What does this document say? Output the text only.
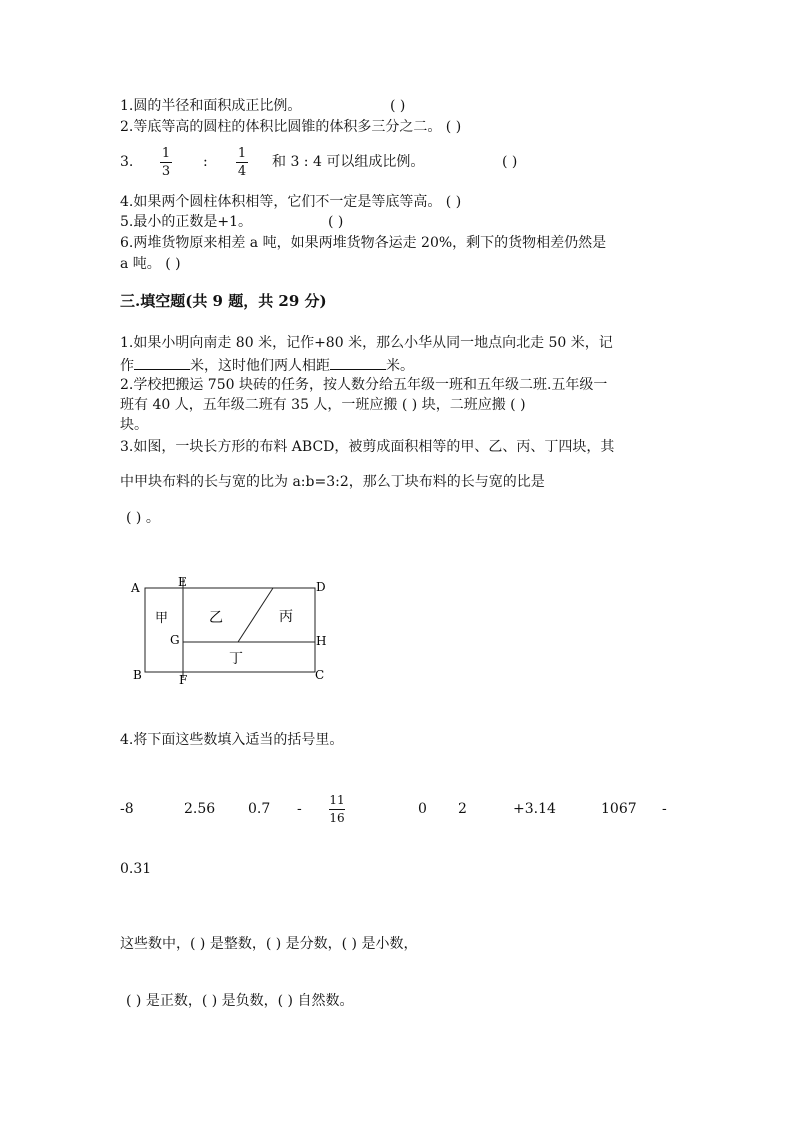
1.圆的半径和面积成正比例。	( )
2.等底等高的圆柱的体积比圆锥的体积多三分之二。 ( )
3.
1
3
:
1
4
和 3 : 4 可以组成比例。	( )
4.如果两个圆柱体积相等，它们不一定是等底等高。 ( )
5.最小的正数是+1。	( )
6.两堆货物原来相差 a 吨，如果两堆货物各运走 20%，剩下的货物相差仍然是
a 吨。 ( )
三.填空题(共 9 题，共 29 分)
1.如果小明向南走 80 米，记作+80 米，那么小华从同一地点向北走 50 米，记
作	米，这时他们两人相距	米。
2.学校把搬运 750 块砖的任务，按人数分给五年级一班和五年级二班.五年级一
班有 40 人，五年级二班有 35 人，一班应搬 ( ) 块，二班应搬 ( )
块。
3.如图，一块长方形的布料 ABCD，被剪成面积相等的甲、乙、丙、丁四块，其
中甲块布料的长与宽的比为 a:b=3:2，那么丁块布料的长与宽的比是
( ) 。
A
B	C
D
E
F
G	H
甲	乙	丙
丁
4.将下面这些数填入适当的括号里。
-8	2.56 0.7 -
11
16
0 2	+3.14	1067 -
0.31
这些数中，( ) 是整数，( ) 是分数，( ) 是小数，
( ) 是正数，( ) 是负数，( ) 自然数。
